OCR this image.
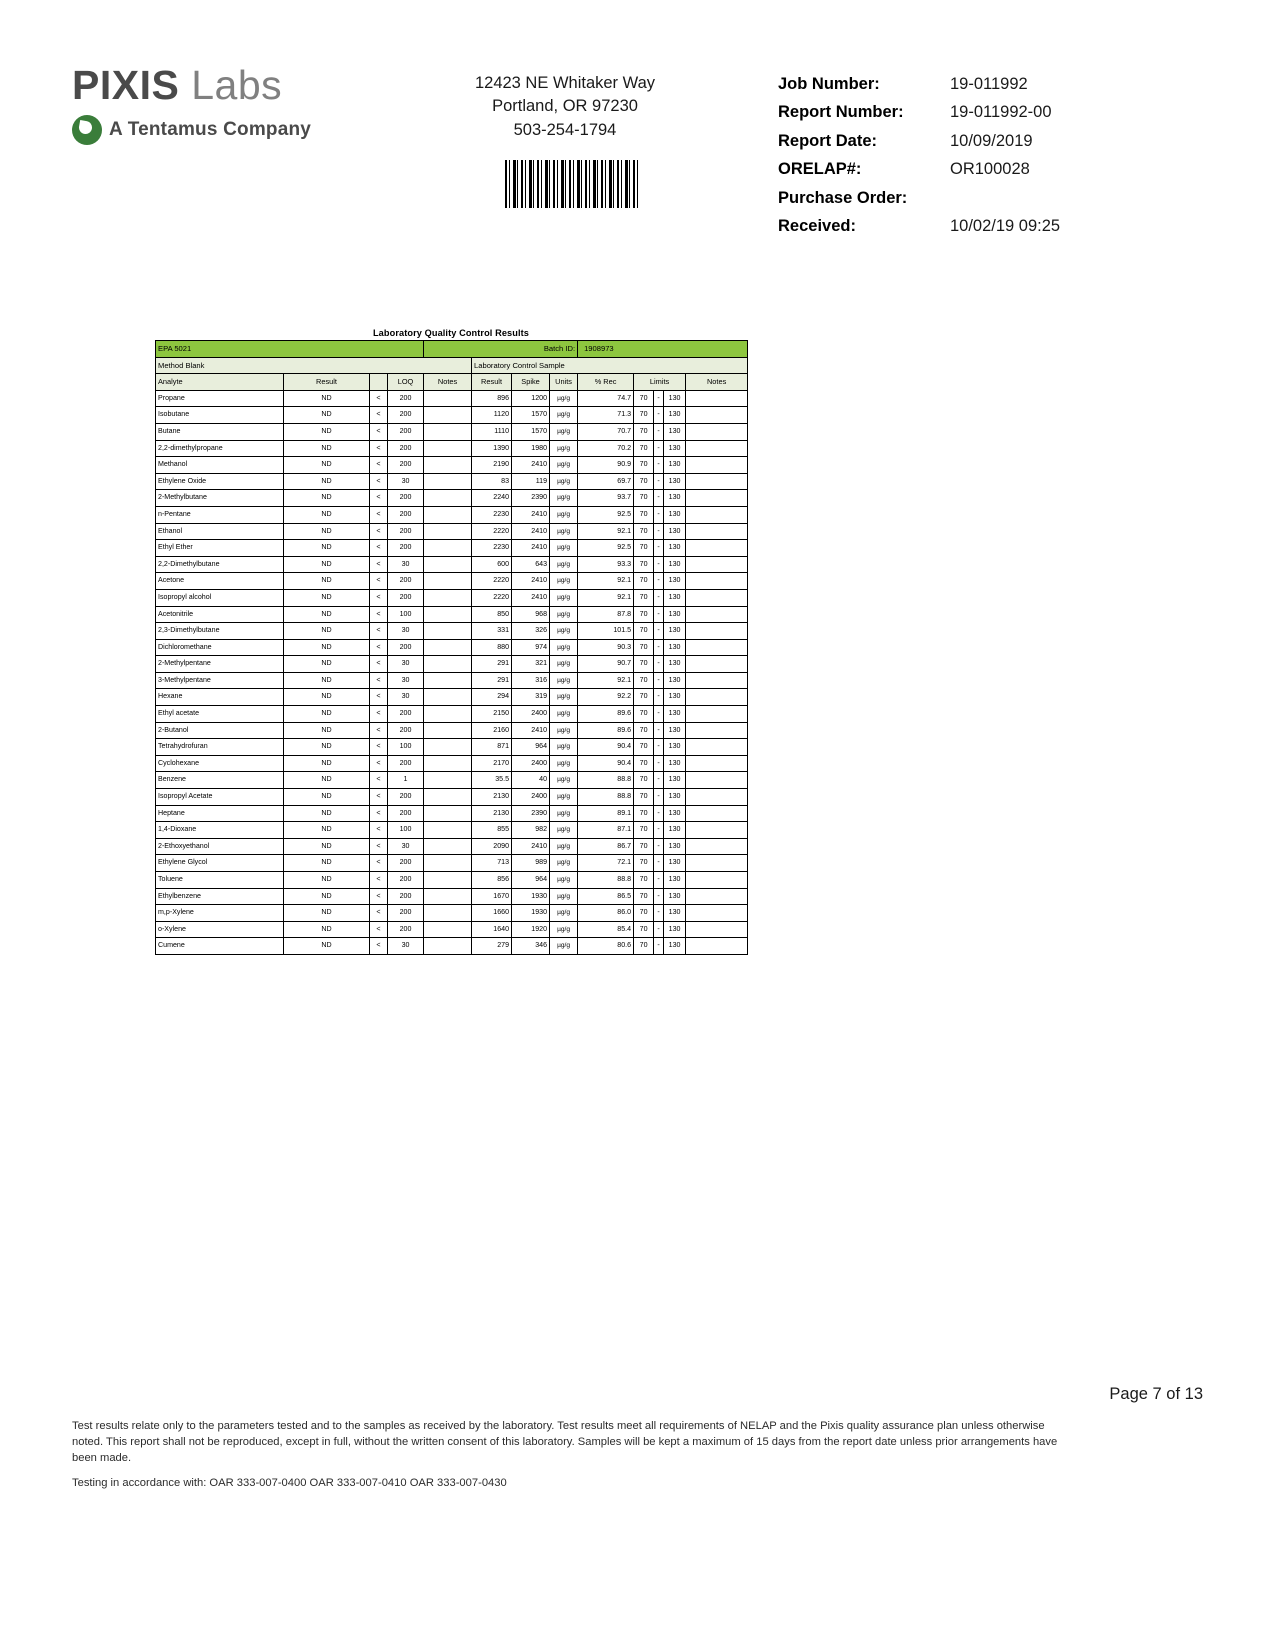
PIXIS Labs
A Tentamus Company
12423 NE Whitaker Way
Portland, OR 97230
503-254-1794
Job Number:	19-011992
Report Number:	19-011992-00
Report Date:	10/09/2019
ORELAP#:	OR100028
Purchase Order:
Received:	10/02/19 09:25
Laboratory Quality Control Results
EPA 5021				Batch ID:				1908973				
Method Blank					Laboratory Control Sample							
Analyte	Result		LOQ	Notes	Result	Spike	Units	% Rec	Limits			Notes
Propane	ND	<	200		896	1200	µg/g	74.7	70	-	130	
Isobutane	ND	<	200		1120	1570	µg/g	71.3	70	-	130	
Butane	ND	<	200		1110	1570	µg/g	70.7	70	-	130	
2,2-dimethylpropane	ND	<	200		1390	1980	µg/g	70.2	70	-	130	
Methanol	ND	<	200		2190	2410	µg/g	90.9	70	-	130	
Ethylene Oxide	ND	<	30		83	119	µg/g	69.7	70	-	130	
2-Methylbutane	ND	<	200		2240	2390	µg/g	93.7	70	-	130	
n-Pentane	ND	<	200		2230	2410	µg/g	92.5	70	-	130	
Ethanol	ND	<	200		2220	2410	µg/g	92.1	70	-	130	
Ethyl Ether	ND	<	200		2230	2410	µg/g	92.5	70	-	130	
2,2-Dimethylbutane	ND	<	30		600	643	µg/g	93.3	70	-	130	
Acetone	ND	<	200		2220	2410	µg/g	92.1	70	-	130	
Isopropyl alcohol	ND	<	200		2220	2410	µg/g	92.1	70	-	130	
Acetonitrile	ND	<	100		850	968	µg/g	87.8	70	-	130	
2,3-Dimethylbutane	ND	<	30		331	326	µg/g	101.5	70	-	130	
Dichloromethane	ND	<	200		880	974	µg/g	90.3	70	-	130	
2-Methylpentane	ND	<	30		291	321	µg/g	90.7	70	-	130	
3-Methylpentane	ND	<	30		291	316	µg/g	92.1	70	-	130	
Hexane	ND	<	30		294	319	µg/g	92.2	70	-	130	
Ethyl acetate	ND	<	200		2150	2400	µg/g	89.6	70	-	130	
2-Butanol	ND	<	200		2160	2410	µg/g	89.6	70	-	130	
Tetrahydrofuran	ND	<	100		871	964	µg/g	90.4	70	-	130	
Cyclohexane	ND	<	200		2170	2400	µg/g	90.4	70	-	130	
Benzene	ND	<	1		35.5	40	µg/g	88.8	70	-	130	
Isopropyl Acetate	ND	<	200		2130	2400	µg/g	88.8	70	-	130	
Heptane	ND	<	200		2130	2390	µg/g	89.1	70	-	130	
1,4-Dioxane	ND	<	100		855	982	µg/g	87.1	70	-	130	
2-Ethoxyethanol	ND	<	30		2090	2410	µg/g	86.7	70	-	130	
Ethylene Glycol	ND	<	200		713	989	µg/g	72.1	70	-	130	
Toluene	ND	<	200		856	964	µg/g	88.8	70	-	130	
Ethylbenzene	ND	<	200		1670	1930	µg/g	86.5	70	-	130	
m,p-Xylene	ND	<	200		1660	1930	µg/g	86.0	70	-	130	
o-Xylene	ND	<	200		1640	1920	µg/g	85.4	70	-	130	
Cumene	ND	<	30		279	346	µg/g	80.6	70	-	130	
Page 7 of 13
Test results relate only to the parameters tested and to the samples as received by the laboratory. Test results meet all requirements of NELAP and the Pixis quality assurance plan unless otherwise noted. This report shall not be reproduced, except in full, without the written consent of this laboratory. Samples will be kept a maximum of 15 days from the report date unless prior arrangements have been made.
Testing in accordance with: OAR 333-007-0400 OAR 333-007-0410 OAR 333-007-0430
